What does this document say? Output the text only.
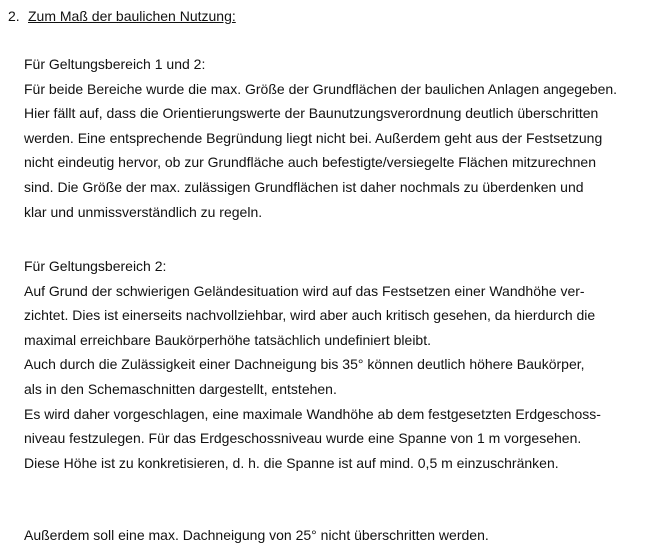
2. Zum Maß der baulichen Nutzung:
Für Geltungsbereich 1 und 2:
Für beide Bereiche wurde die max. Größe der Grundflächen der baulichen Anlagen angegeben.
Hier fällt auf, dass die Orientierungswerte der Baunutzungsverordnung deutlich überschritten
werden. Eine entsprechende Begründung liegt nicht bei. Außerdem geht aus der Festsetzung
nicht eindeutig hervor, ob zur Grundfläche auch befestigte/versiegelte Flächen mitzurechnen
sind. Die Größe der max. zulässigen Grundflächen ist daher nochmals zu überdenken und
klar und unmissverständlich zu regeln.
Für Geltungsbereich 2:
Auf Grund der schwierigen Geländesituation wird auf das Festsetzen einer Wandhöhe ver-
zichtet. Dies ist einerseits nachvollziehbar, wird aber auch kritisch gesehen, da hierdurch die
maximal erreichbare Baukörperhöhe tatsächlich undefiniert bleibt.
Auch durch die Zulässigkeit einer Dachneigung bis 35° können deutlich höhere Baukörper,
als in den Schemaschnitten dargestellt, entstehen.
Es wird daher vorgeschlagen, eine maximale Wandhöhe ab dem festgesetzten Erdgeschoss-
niveau festzulegen. Für das Erdgeschossniveau wurde eine Spanne von 1 m vorgesehen.
Diese Höhe ist zu konkretisieren, d. h. die Spanne ist auf mind. 0,5 m einzuschränken.
Außerdem soll eine max. Dachneigung von 25° nicht überschritten werden.
